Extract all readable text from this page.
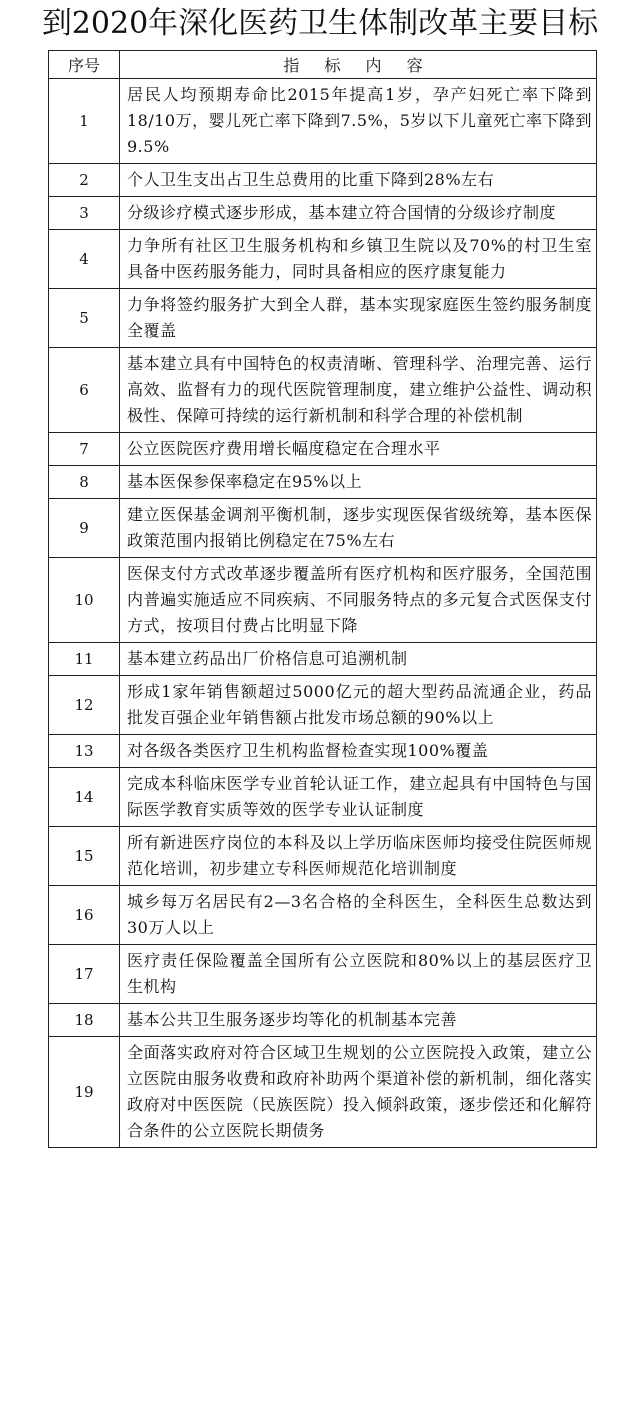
到2020年深化医药卫生体制改革主要目标
序号	指 标 内 容
1	居民人均预期寿命比2015年提高1岁，孕产妇死亡率下降到18/10万，婴儿死亡率下降到7.5%，5岁以下儿童死亡率下降到9.5%
2	个人卫生支出占卫生总费用的比重下降到28%左右
3	分级诊疗模式逐步形成，基本建立符合国情的分级诊疗制度
4	力争所有社区卫生服务机构和乡镇卫生院以及70%的村卫生室具备中医药服务能力，同时具备相应的医疗康复能力
5	力争将签约服务扩大到全人群，基本实现家庭医生签约服务制度全覆盖
6	基本建立具有中国特色的权责清晰、管理科学、治理完善、运行高效、监督有力的现代医院管理制度，建立维护公益性、调动积极性、保障可持续的运行新机制和科学合理的补偿机制
7	公立医院医疗费用增长幅度稳定在合理水平
8	基本医保参保率稳定在95%以上
9	建立医保基金调剂平衡机制，逐步实现医保省级统筹，基本医保政策范围内报销比例稳定在75%左右
10	医保支付方式改革逐步覆盖所有医疗机构和医疗服务，全国范围内普遍实施适应不同疾病、不同服务特点的多元复合式医保支付方式，按项目付费占比明显下降
11	基本建立药品出厂价格信息可追溯机制
12	形成1家年销售额超过5000亿元的超大型药品流通企业，药品批发百强企业年销售额占批发市场总额的90%以上
13	对各级各类医疗卫生机构监督检查实现100%覆盖
14	完成本科临床医学专业首轮认证工作，建立起具有中国特色与国际医学教育实质等效的医学专业认证制度
15	所有新进医疗岗位的本科及以上学历临床医师均接受住院医师规范化培训，初步建立专科医师规范化培训制度
16	城乡每万名居民有2—3名合格的全科医生，全科医生总数达到30万人以上
17	医疗责任保险覆盖全国所有公立医院和80%以上的基层医疗卫生机构
18	基本公共卫生服务逐步均等化的机制基本完善
19	全面落实政府对符合区域卫生规划的公立医院投入政策，建立公立医院由服务收费和政府补助两个渠道补偿的新机制，细化落实政府对中医医院（民族医院）投入倾斜政策，逐步偿还和化解符合条件的公立医院长期债务
